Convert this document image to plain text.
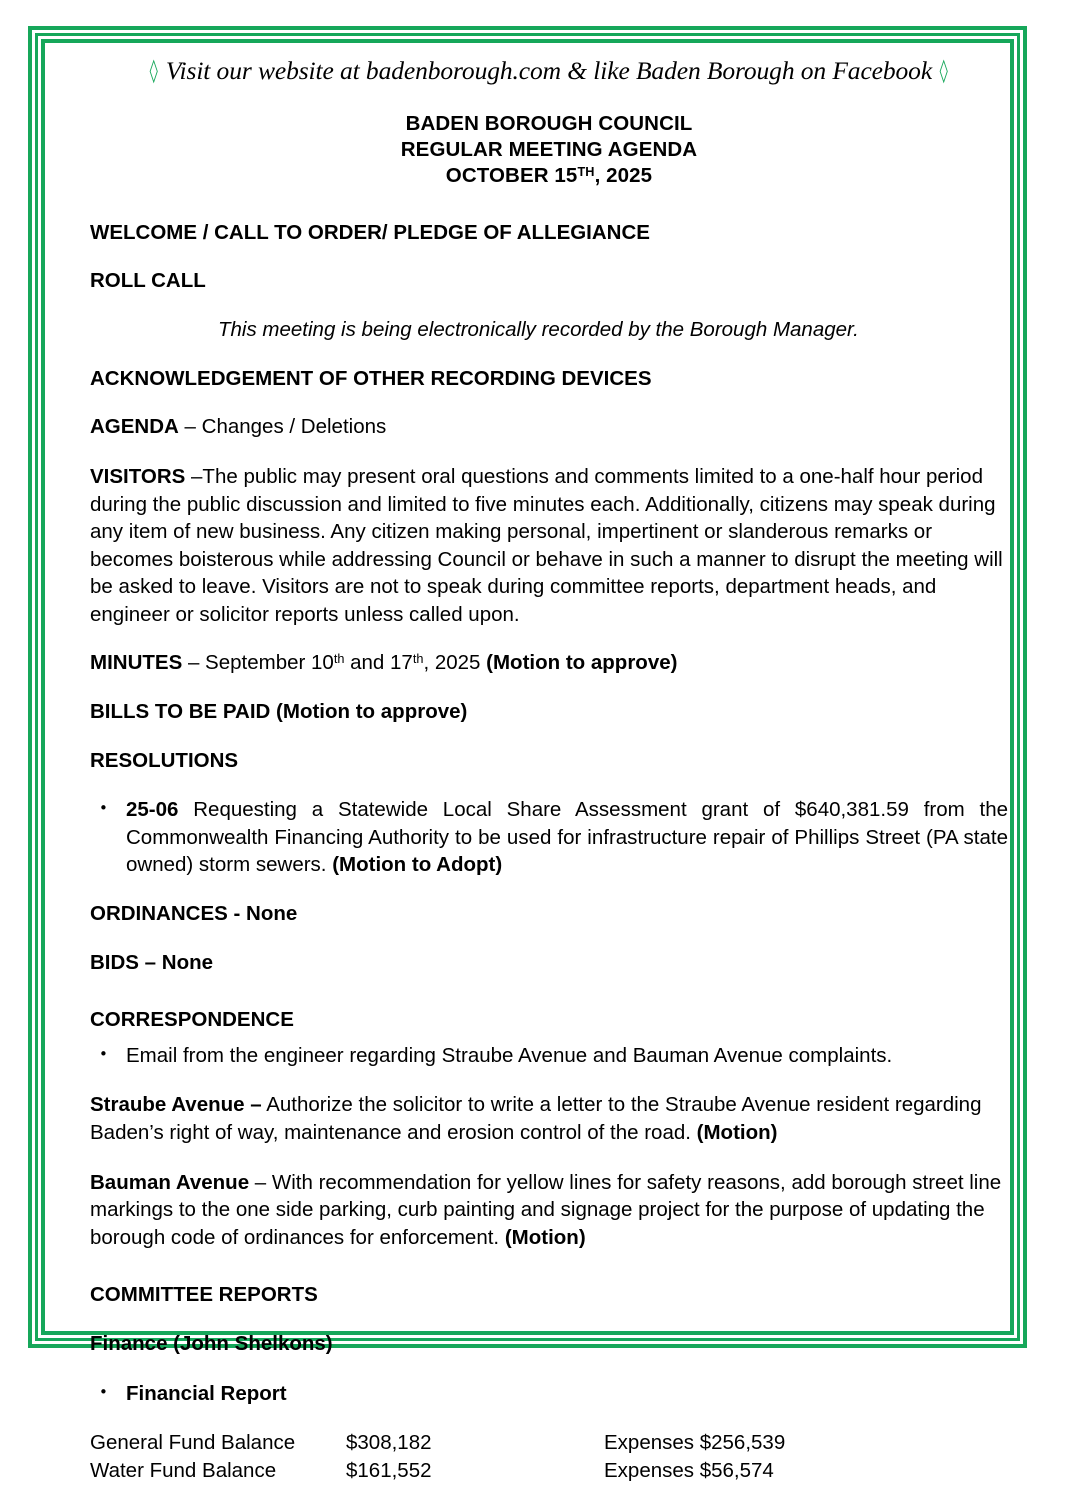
◊ Visit our website at badenborough.com & like Baden Borough on Facebook ◊
BADEN BOROUGH COUNCIL
REGULAR MEETING AGENDA
OCTOBER 15TH, 2025
WELCOME / CALL TO ORDER/ PLEDGE OF ALLEGIANCE
ROLL CALL
This meeting is being electronically recorded by the Borough Manager.
ACKNOWLEDGEMENT OF OTHER RECORDING DEVICES
AGENDA – Changes / Deletions
VISITORS –The public may present oral questions and comments limited to a one-half hour period during the public discussion and limited to five minutes each. Additionally, citizens may speak during any item of new business. Any citizen making personal, impertinent or slanderous remarks or becomes boisterous while addressing Council or behave in such a manner to disrupt the meeting will be asked to leave. Visitors are not to speak during committee reports, department heads, and engineer or solicitor reports unless called upon.
MINUTES – September 10th and 17th, 2025 (Motion to approve)
BILLS TO BE PAID (Motion to approve)
RESOLUTIONS
• 25-06 Requesting a Statewide Local Share Assessment grant of $640,381.59 from the Commonwealth Financing Authority to be used for infrastructure repair of Phillips Street (PA state owned) storm sewers. (Motion to Adopt)
ORDINANCES - None
BIDS – None
CORRESPONDENCE
• Email from the engineer regarding Straube Avenue and Bauman Avenue complaints.
Straube Avenue – Authorize the solicitor to write a letter to the Straube Avenue resident regarding Baden’s right of way, maintenance and erosion control of the road. (Motion)
Bauman Avenue – With recommendation for yellow lines for safety reasons, add borough street line markings to the one side parking, curb painting and signage project for the purpose of updating the borough code of ordinances for enforcement. (Motion)
COMMITTEE REPORTS
Finance (John Shelkons)
• Financial Report
General Fund Balance	$308,182	Expenses $256,539
Water Fund Balance	$161,552	Expenses $56,574
